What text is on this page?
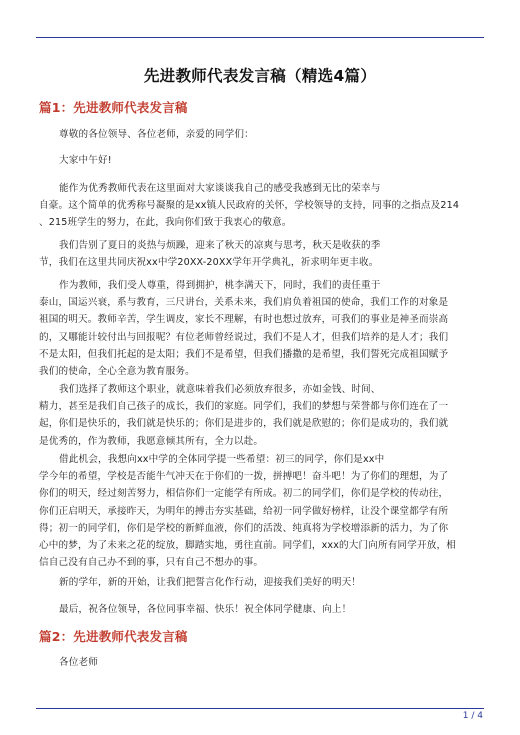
先进教师代表发言稿（精选4篇）
篇1：先进教师代表发言稿
尊敬的各位领导、各位老师，亲爱的同学们：
大家中午好!
能作为优秀教师代表在这里面对大家谈谈我自己的感受我感到无比的荣幸与
自豪。这个简单的优秀称号凝聚的是xx镇人民政府的关怀，学校领导的支持，同事的之指点及214
、215班学生的努力，在此，我向你们致于我衷心的敬意。
我们告别了夏日的炎热与烦躁，迎来了秋天的凉爽与思考，秋天是收获的季
节，我们在这里共同庆祝xx中学20XX-20XX学年开学典礼，祈求明年更丰收。
作为教师，我们受人尊重，得到拥护，桃李满天下，同时，我们的责任重于
泰山，国运兴衰，系与教育，三尺讲台，关系未来，我们肩负着祖国的使命，我们工作的对象是
祖国的明天。教师辛苦，学生调皮，家长不理解，有时也想过放弃，可我们的事业是神圣而崇高
的，又哪能计较付出与回报呢？有位老师曾经说过，我们不是人才，但我们培养的是人才；我们
不是太阳，但我们托起的是太阳；我们不是希望，但我们播撒的是希望，我们誓死完成祖国赋予
我们的使命，全心全意为教育服务。
我们选择了教师这个职业，就意味着我们必须放弃很多，亦如金钱、时间、
精力，甚至是我们自己孩子的成长，我们的家庭。同学们，我们的梦想与荣誉都与你们连在了一
起，你们是快乐的，我们就是快乐的；你们是进步的，我们就是欣慰的；你们是成功的，我们就
是优秀的，作为教师，我愿意倾其所有，全力以赴。
借此机会，我想向xx中学的全体同学提一些希望：初三的同学，你们是xx中
学今年的希望，学校是否能牛气冲天在于你们的一拨，拼搏吧！奋斗吧！为了你们的理想，为了
你们的明天，经过刻苦努力，相信你们一定能学有所成。初二的同学们，你们是学校的传动往，
你们正启明天，承接昨天，为明年的搏击夯实基础，给初一同学做好榜样，让没个课堂都学有所
得；初一的同学们，你们是学校的新鲜血液，你们的活泼、纯真将为学校增添新的活力，为了你
心中的梦，为了未来之花的绽放，脚踏实地，勇往直前。同学们，xxx的大门向所有同学开放，相
信自己没有自己办不到的事，只有自己不想办的事。
新的学年，新的开始，让我们把誓言化作行动，迎接我们美好的明天！
最后，祝各位领导，各位同事幸福、快乐！祝全体同学健康、向上！
篇2：先进教师代表发言稿
各位老师
1 / 4
